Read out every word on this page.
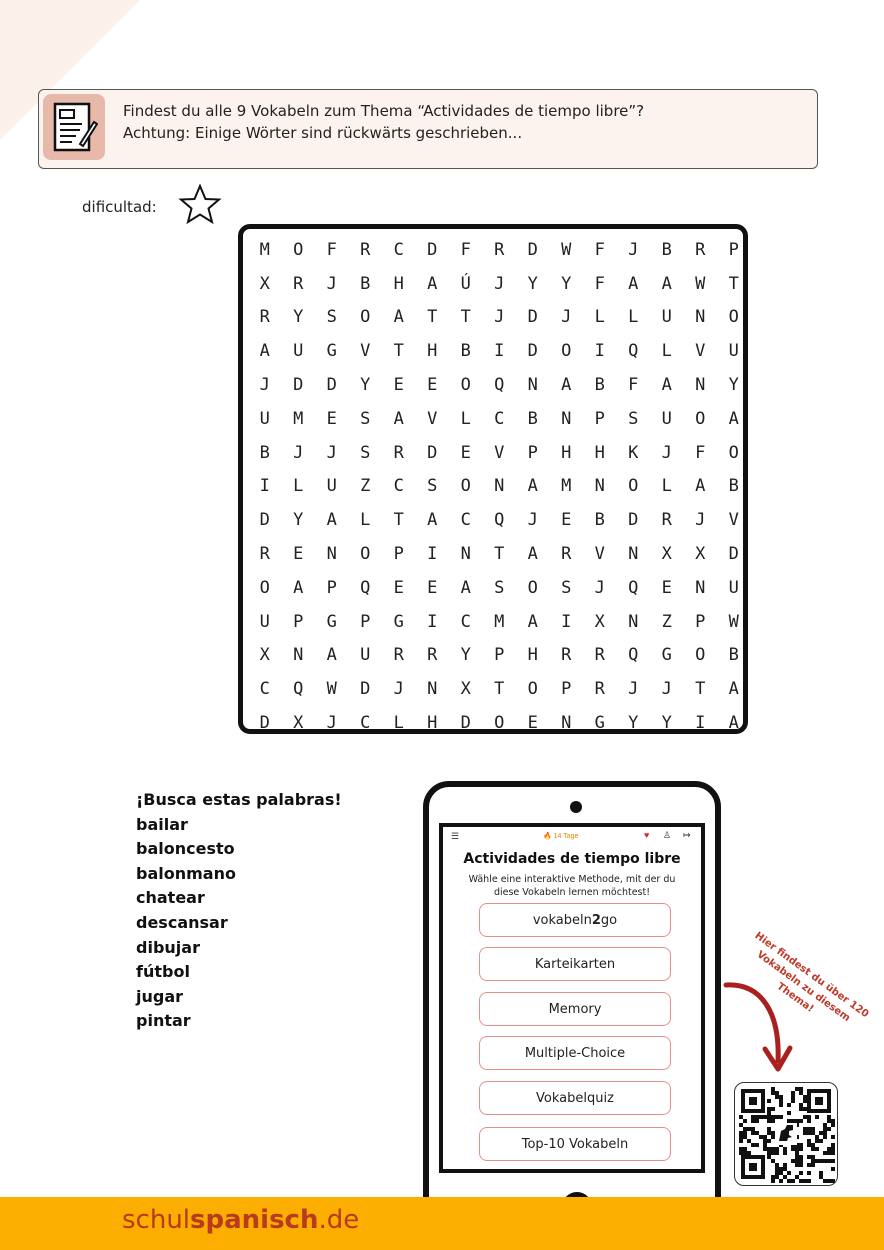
Findest du alle 9 Vokabeln zum Thema “Actividades de tiempo libre”?
Achtung: Einige Wörter sind rückwärts geschrieben...
dificultad:
M	O	F	R	C	D	F	R	D	W	F	J	B	R	P
X	R	J	B	H	A	Ú	J	Y	Y	F	A	A	W	T
R	Y	S	O	A	T	T	J	D	J	L	L	U	N	O
A	U	G	V	T	H	B	I	D	O	I	Q	L	V	U
J	D	D	Y	E	E	O	Q	N	A	B	F	A	N	Y
U	M	E	S	A	V	L	C	B	N	P	S	U	O	A
B	J	J	S	R	D	E	V	P	H	H	K	J	F	O
I	L	U	Z	C	S	O	N	A	M	N	O	L	A	B
D	Y	A	L	T	A	C	Q	J	E	B	D	R	J	V
R	E	N	O	P	I	N	T	A	R	V	N	X	X	D
O	A	P	Q	E	E	A	S	O	S	J	Q	E	N	U
U	P	G	P	G	I	C	M	A	I	X	N	Z	P	W
X	N	A	U	R	R	Y	P	H	R	R	Q	G	O	B
C	Q	W	D	J	N	X	T	O	P	R	J	J	T	A
D	X	J	C	L	H	D	O	E	N	G	Y	Y	I	A
¡Busca estas palabras!
bailar
baloncesto
balonmano
chatear
descansar
dibujar
fútbol
jugar
pintar
☰	🔥 14 Tage	♥ ♙ ↦
Actividades de tiempo libre
Wähle eine interaktive Methode, mit der du diese Vokabeln lernen möchtest!
vokabeln 2 go
Karteikarten
Memory
Multiple-Choice
Vokabelquiz
Top-10 Vokabeln
Hier findest du über 120 Vokabeln zu diesem Thema!
schulspanisch.de
